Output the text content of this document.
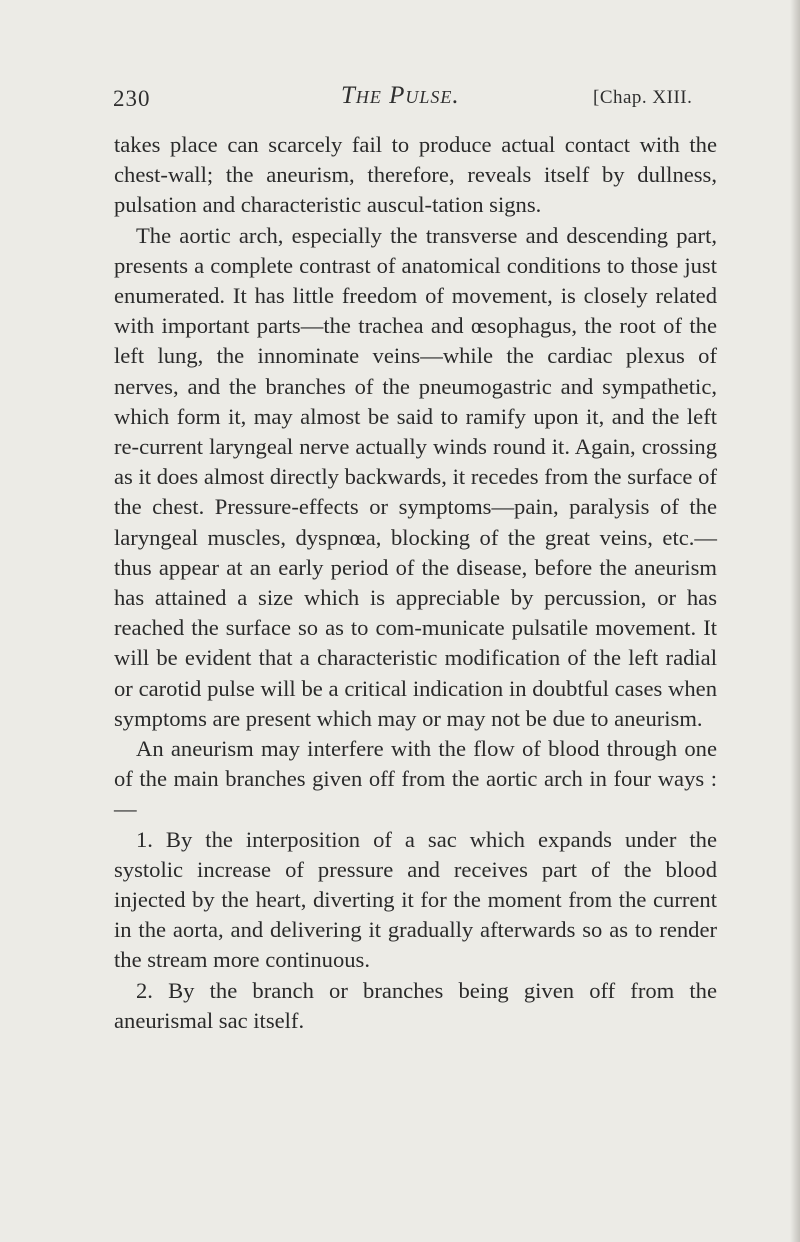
230	The Pulse.	[Chap. XIII.

takes place can scarcely fail to produce actual contact with the chest-wall; the aneurism, therefore, reveals itself by dullness, pulsation and characteristic auscul-tation signs.

The aortic arch, especially the transverse and descending part, presents a complete contrast of anatomical conditions to those just enumerated. It has little freedom of movement, is closely related with important parts—the trachea and œsophagus, the root of the left lung, the innominate veins—while the cardiac plexus of nerves, and the branches of the pneumogastric and sympathetic, which form it, may almost be said to ramify upon it, and the left re-current laryngeal nerve actually winds round it. Again, crossing as it does almost directly backwards, it recedes from the surface of the chest. Pressure-effects or symptoms—pain, paralysis of the laryngeal muscles, dyspnœa, blocking of the great veins, etc.—thus appear at an early period of the disease, before the aneurism has attained a size which is appreciable by percussion, or has reached the surface so as to com-municate pulsatile movement. It will be evident that a characteristic modification of the left radial or carotid pulse will be a critical indication in doubtful cases when symptoms are present which may or may not be due to aneurism.

An aneurism may interfere with the flow of blood through one of the main branches given off from the aortic arch in four ways :—

1. By the interposition of a sac which expands under the systolic increase of pressure and receives part of the blood injected by the heart, diverting it for the moment from the current in the aorta, and delivering it gradually afterwards so as to render the stream more continuous.

2. By the branch or branches being given off from the aneurismal sac itself.
